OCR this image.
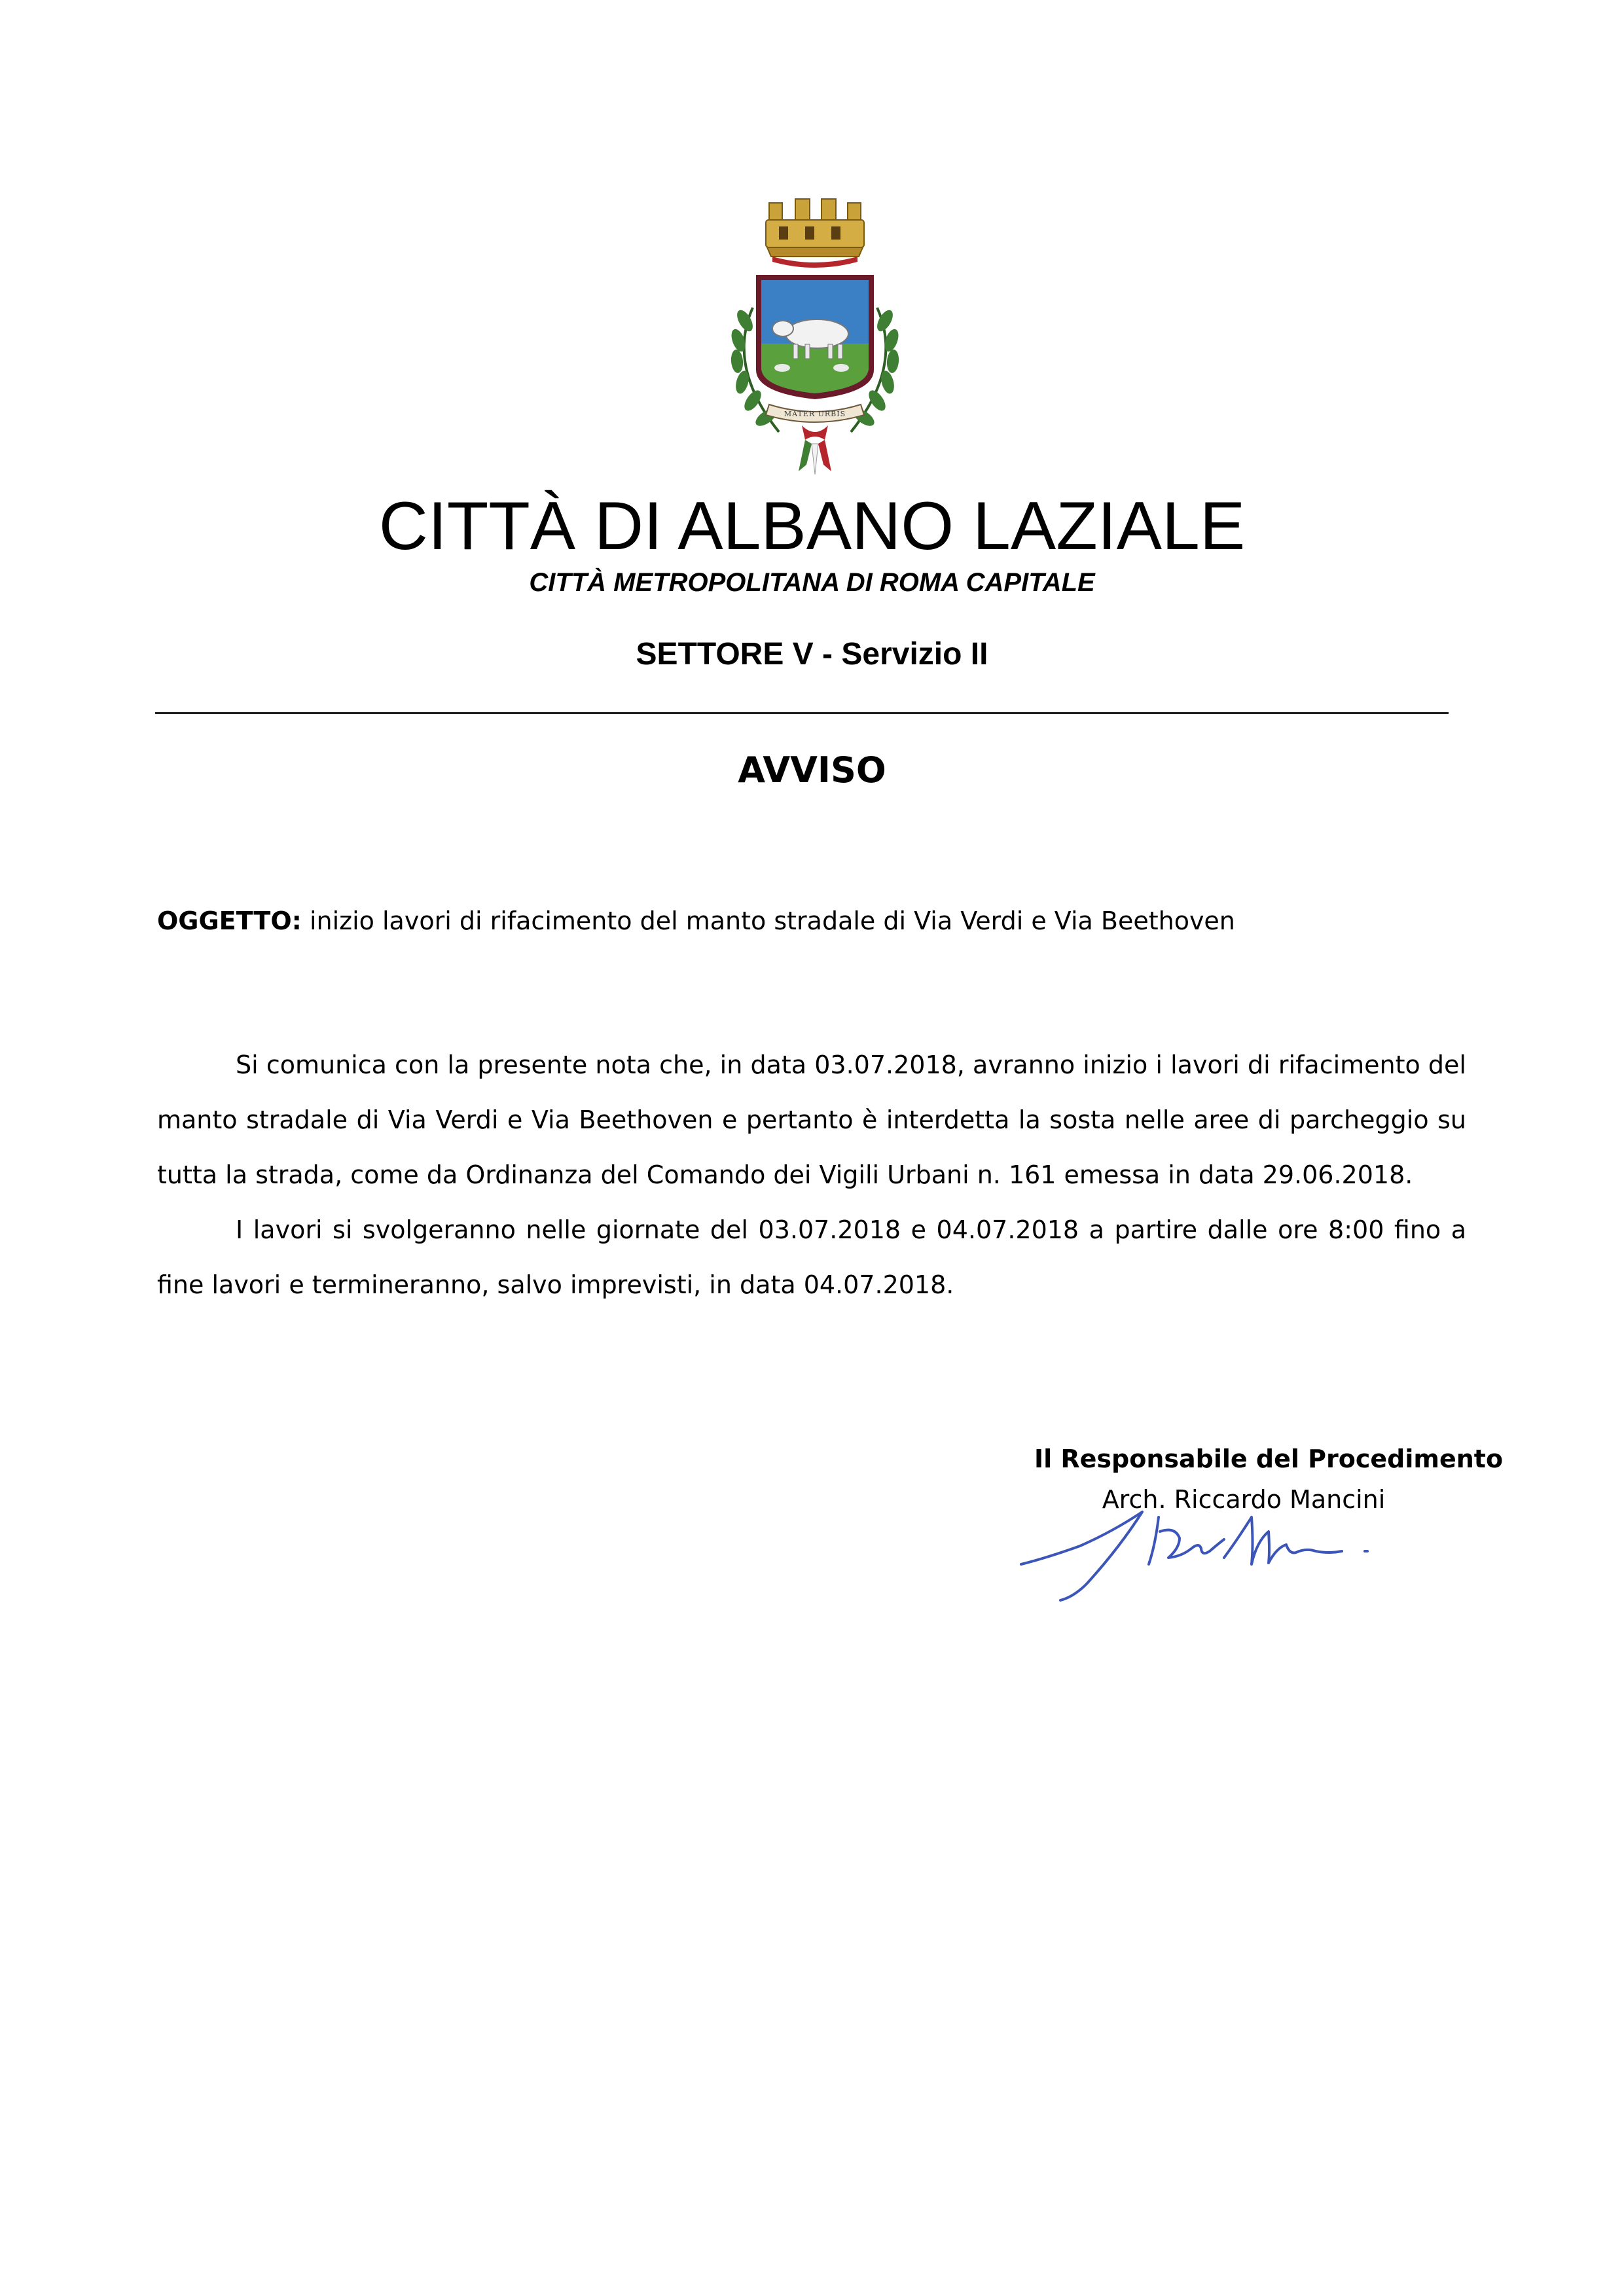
MATER URBIS
CITTÀ DI ALBANO LAZIALE
CITTÀ METROPOLITANA DI ROMA CAPITALE
SETTORE V - Servizio II
AVVISO
OGGETTO: inizio lavori di rifacimento del manto stradale di Via Verdi e Via Beethoven

Si comunica con la presente nota che, in data 03.07.2018, avranno inizio i lavori di rifacimento del manto stradale di Via Verdi e Via Beethoven e pertanto è interdetta la sosta nelle aree di parcheggio su tutta la strada, come da Ordinanza del Comando dei Vigili Urbani n. 161 emessa in data 29.06.2018.

I lavori si svolgeranno nelle giornate del 03.07.2018 e 04.07.2018 a partire dalle ore 8:00 fino a fine lavori e termineranno, salvo imprevisti, in data 04.07.2018.

Il Responsabile del Procedimento
Arch. Riccardo Mancini
